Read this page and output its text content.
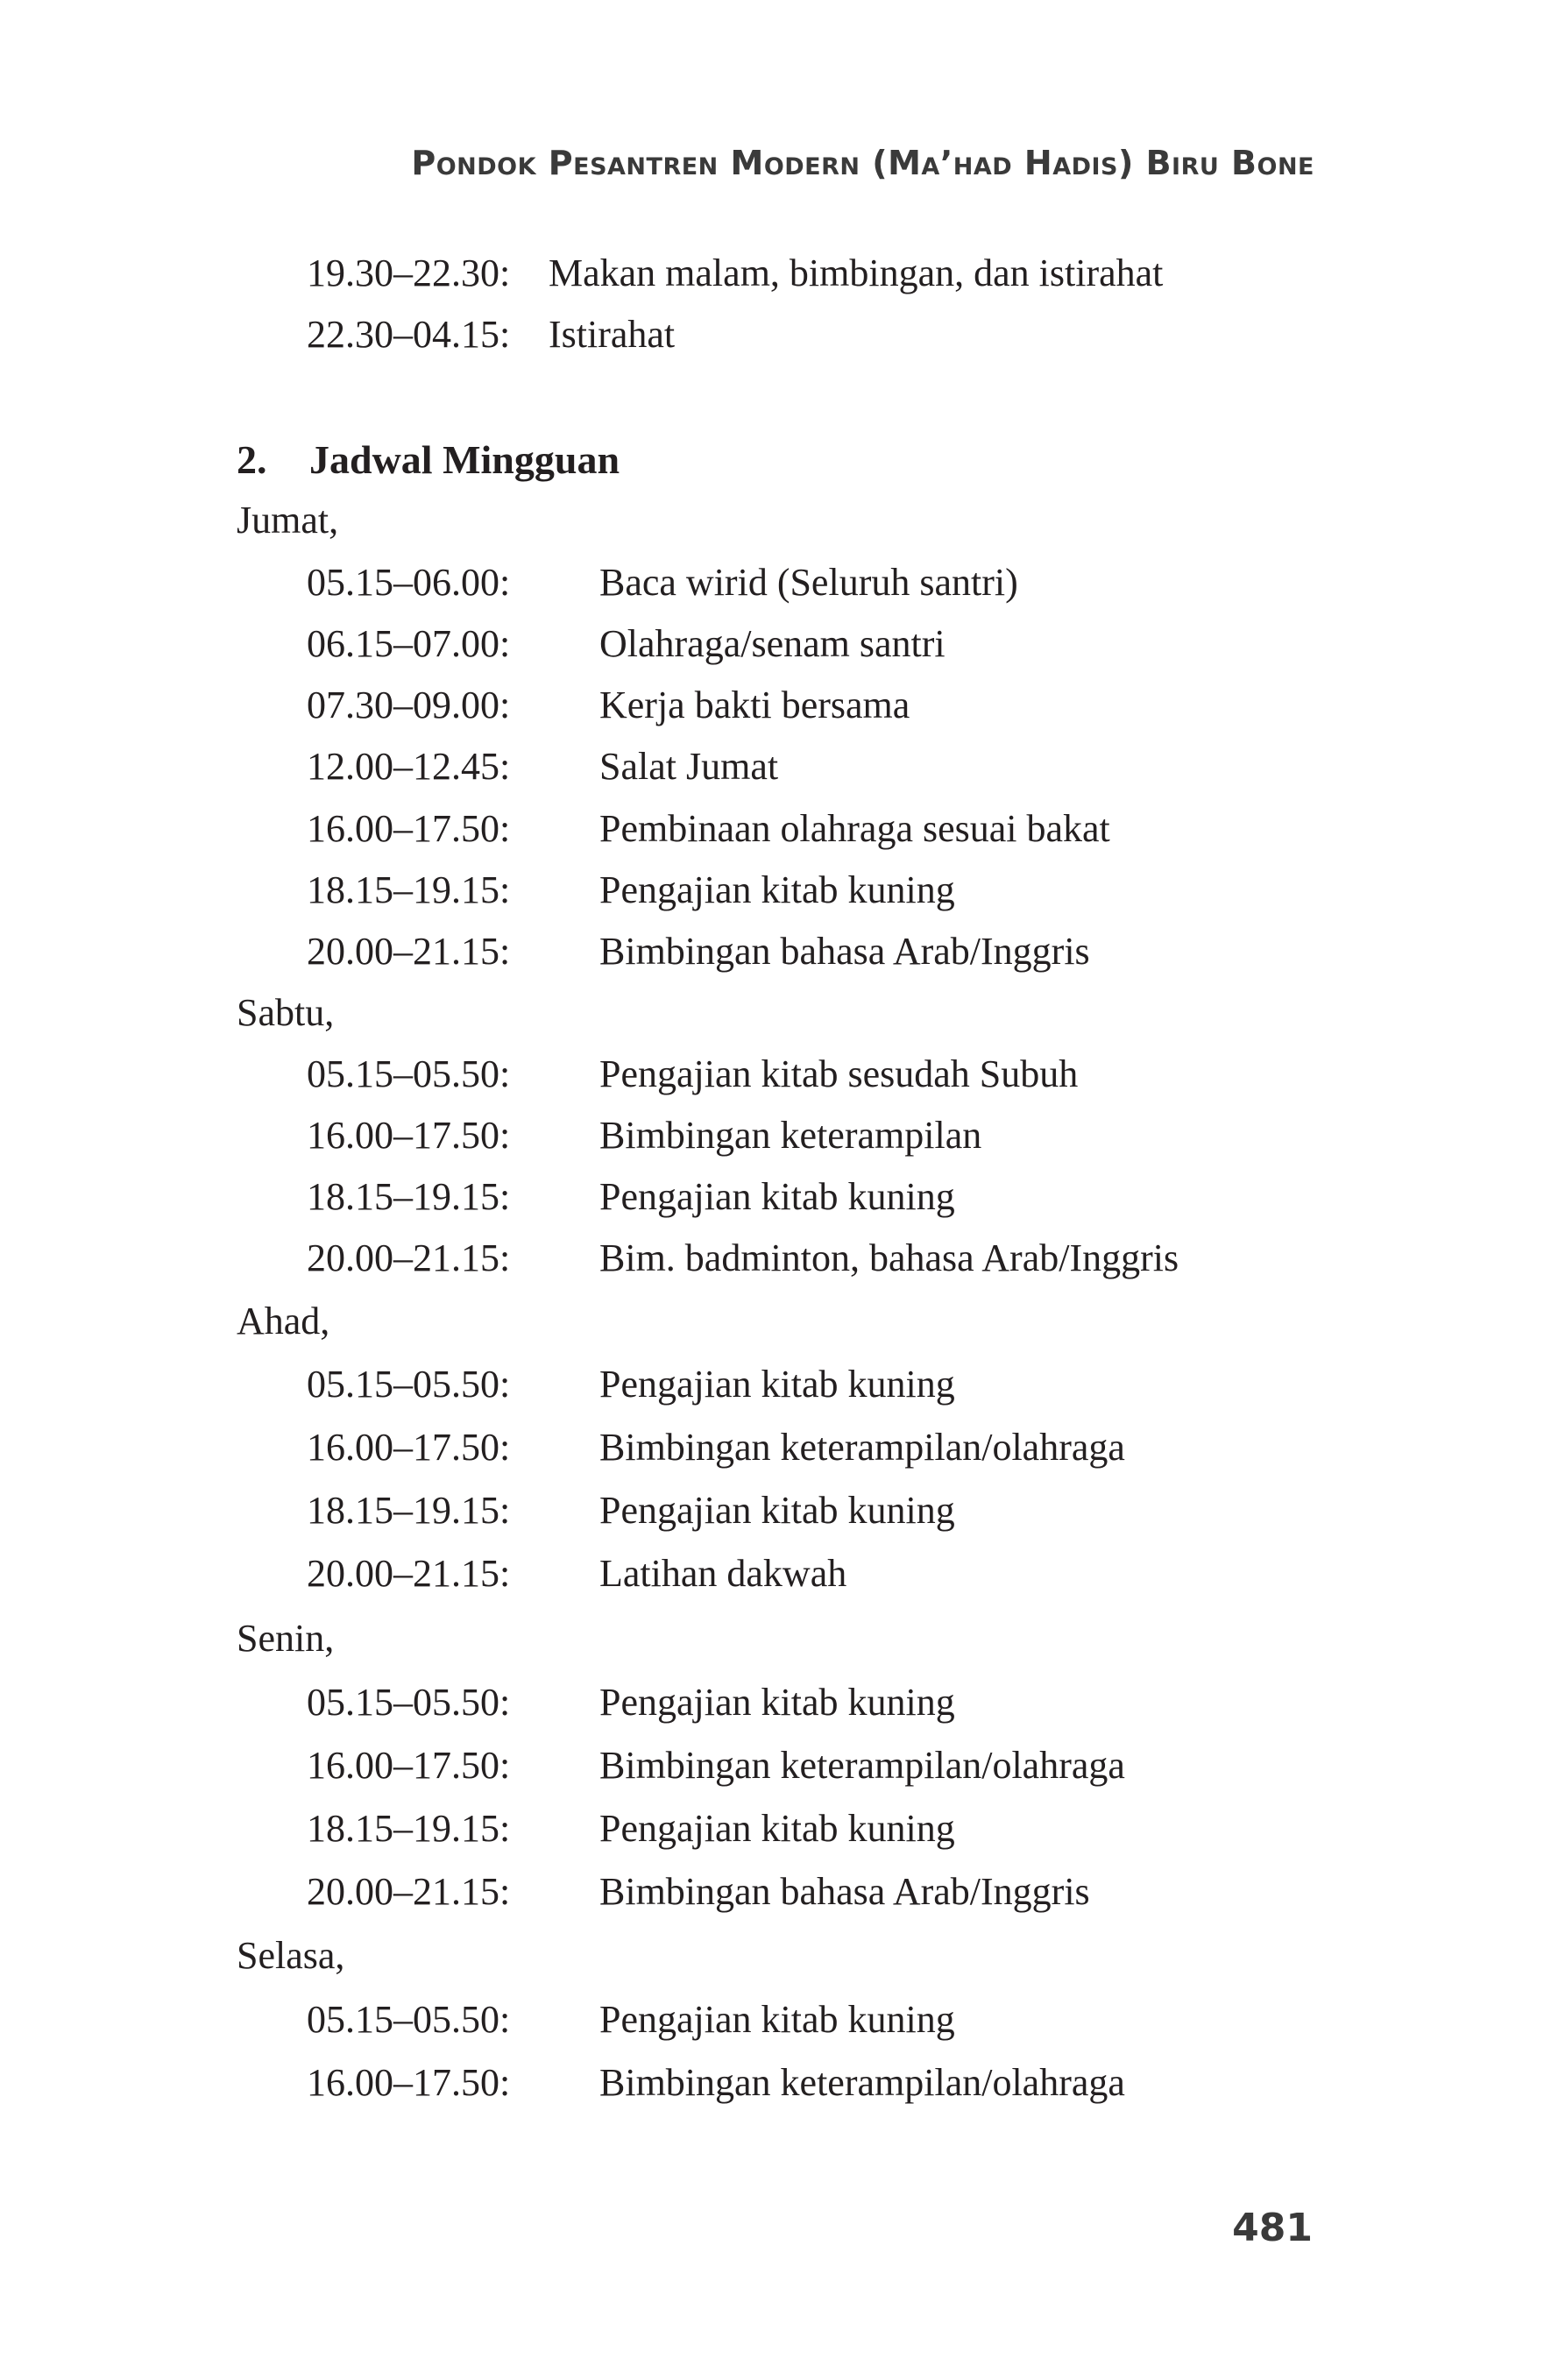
Pondok Pesantren Modern (Ma’had Hadis) Biru Bone
19.30–22.30: Makan malam, bimbingan, dan istirahat
22.30–04.15: Istirahat
2. Jadwal Mingguan
Jumat,
05.15–06.00: Baca wirid (Seluruh santri)
06.15–07.00: Olahraga/senam santri
07.30–09.00: Kerja bakti bersama
12.00–12.45: Salat Jumat
16.00–17.50: Pembinaan olahraga sesuai bakat
18.15–19.15: Pengajian kitab kuning
20.00–21.15: Bimbingan bahasa Arab/Inggris
Sabtu,
05.15–05.50: Pengajian kitab sesudah Subuh
16.00–17.50: Bimbingan keterampilan
18.15–19.15: Pengajian kitab kuning
20.00–21.15: Bim. badminton, bahasa Arab/Inggris
Ahad,
05.15–05.50: Pengajian kitab kuning
16.00–17.50: Bimbingan keterampilan/olahraga
18.15–19.15: Pengajian kitab kuning
20.00–21.15: Latihan dakwah
Senin,
05.15–05.50: Pengajian kitab kuning
16.00–17.50: Bimbingan keterampilan/olahraga
18.15–19.15: Pengajian kitab kuning
20.00–21.15: Bimbingan bahasa Arab/Inggris
Selasa,
05.15–05.50: Pengajian kitab kuning
16.00–17.50: Bimbingan keterampilan/olahraga
481
